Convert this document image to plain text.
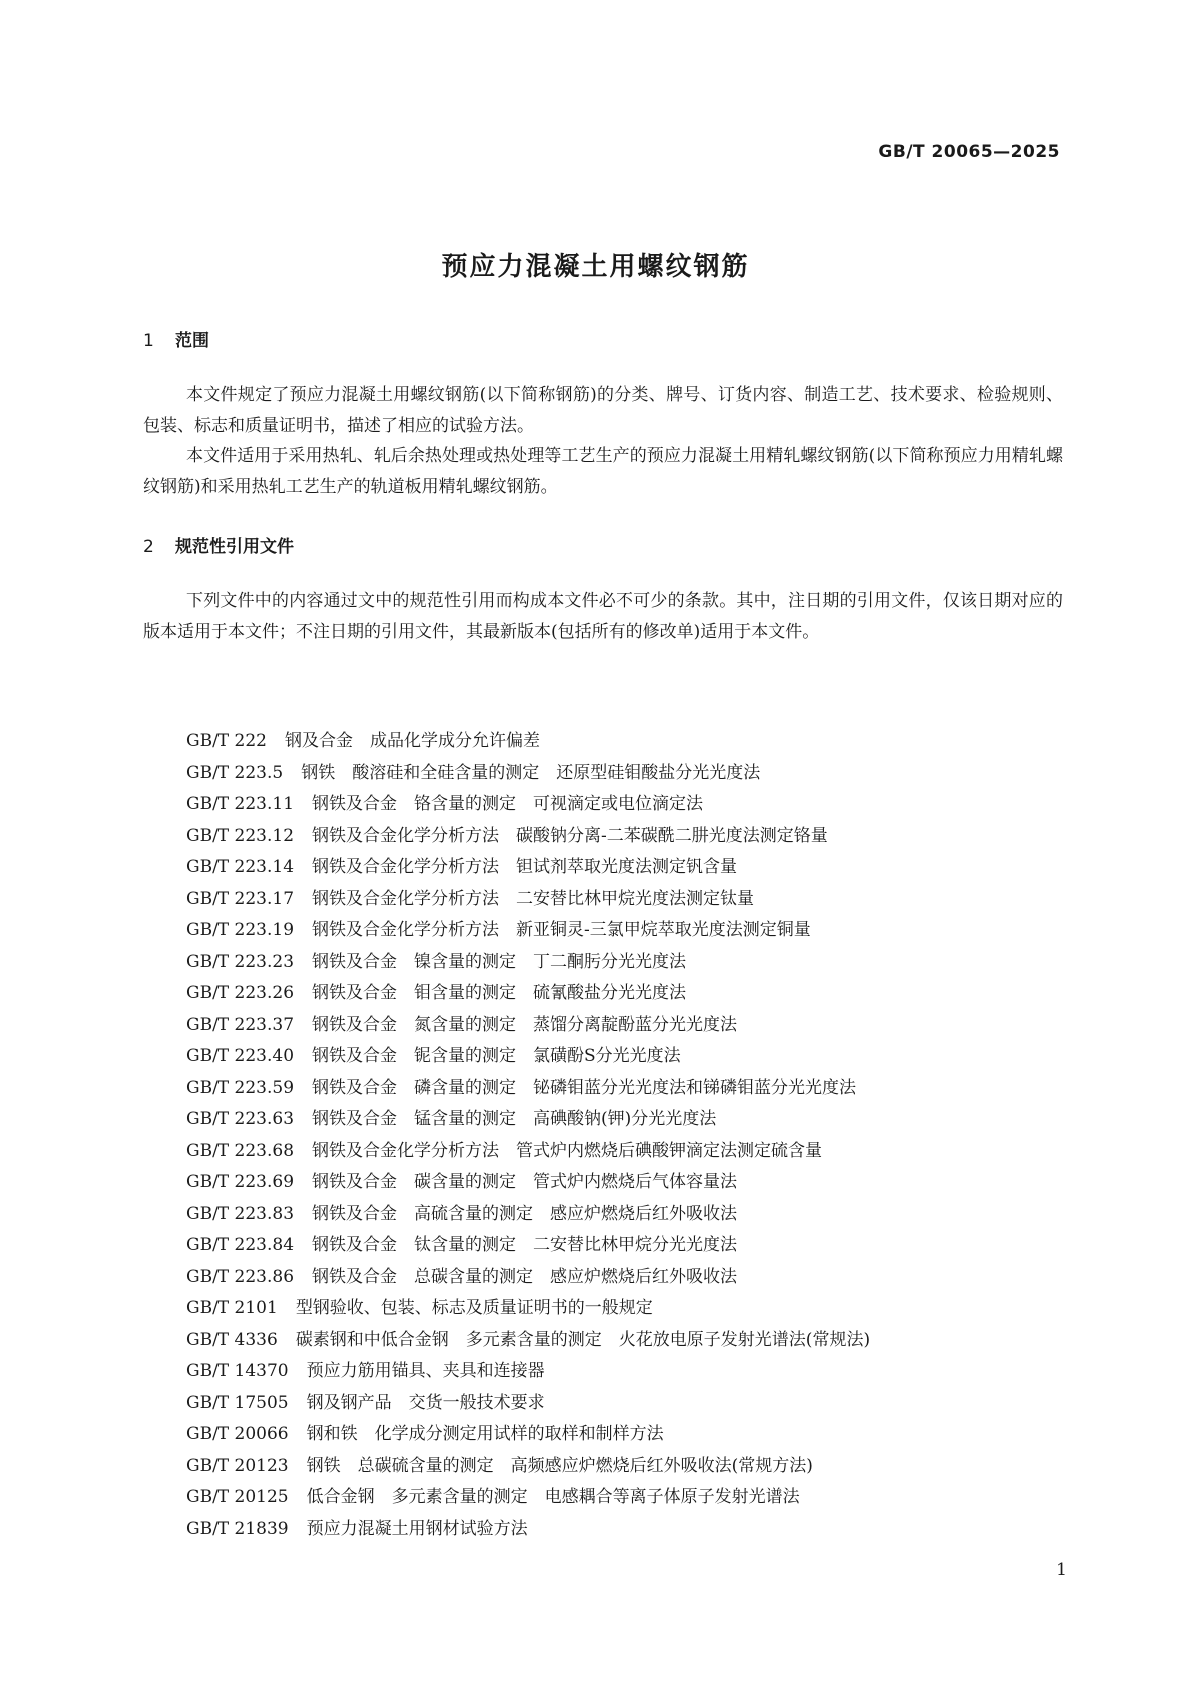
GB/T 20065—2025
预应力混凝土用螺纹钢筋
1 范围
本文件规定了预应力混凝土用螺纹钢筋(以下简称钢筋)的分类、牌号、订货内容、制造工艺、技术要求、检验规则、包装、标志和质量证明书，描述了相应的试验方法。
本文件适用于采用热轧、轧后余热处理或热处理等工艺生产的预应力混凝土用精轧螺纹钢筋(以下简称预应力用精轧螺纹钢筋)和采用热轧工艺生产的轨道板用精轧螺纹钢筋。
2 规范性引用文件
下列文件中的内容通过文中的规范性引用而构成本文件必不可少的条款。其中，注日期的引用文件，仅该日期对应的版本适用于本文件；不注日期的引用文件，其最新版本(包括所有的修改单)适用于本文件。
GB/T 222 钢及合金　成品化学成分允许偏差
GB/T 223.5 钢铁　酸溶硅和全硅含量的测定　还原型硅钼酸盐分光光度法
GB/T 223.11 钢铁及合金　铬含量的测定　可视滴定或电位滴定法
GB/T 223.12 钢铁及合金化学分析方法　碳酸钠分离-二苯碳酰二肼光度法测定铬量
GB/T 223.14 钢铁及合金化学分析方法　钽试剂萃取光度法测定钒含量
GB/T 223.17 钢铁及合金化学分析方法　二安替比林甲烷光度法测定钛量
GB/T 223.19 钢铁及合金化学分析方法　新亚铜灵-三氯甲烷萃取光度法测定铜量
GB/T 223.23 钢铁及合金　镍含量的测定　丁二酮肟分光光度法
GB/T 223.26 钢铁及合金　钼含量的测定　硫氰酸盐分光光度法
GB/T 223.37 钢铁及合金　氮含量的测定　蒸馏分离靛酚蓝分光光度法
GB/T 223.40 钢铁及合金　铌含量的测定　氯磺酚S分光光度法
GB/T 223.59 钢铁及合金　磷含量的测定　铋磷钼蓝分光光度法和锑磷钼蓝分光光度法
GB/T 223.63 钢铁及合金　锰含量的测定　高碘酸钠(钾)分光光度法
GB/T 223.68 钢铁及合金化学分析方法　管式炉内燃烧后碘酸钾滴定法测定硫含量
GB/T 223.69 钢铁及合金　碳含量的测定　管式炉内燃烧后气体容量法
GB/T 223.83 钢铁及合金　高硫含量的测定　感应炉燃烧后红外吸收法
GB/T 223.84 钢铁及合金　钛含量的测定　二安替比林甲烷分光光度法
GB/T 223.86 钢铁及合金　总碳含量的测定　感应炉燃烧后红外吸收法
GB/T 2101 型钢验收、包装、标志及质量证明书的一般规定
GB/T 4336 碳素钢和中低合金钢　多元素含量的测定　火花放电原子发射光谱法(常规法)
GB/T 14370 预应力筋用锚具、夹具和连接器
GB/T 17505 钢及钢产品　交货一般技术要求
GB/T 20066 钢和铁　化学成分测定用试样的取样和制样方法
GB/T 20123 钢铁　总碳硫含量的测定　高频感应炉燃烧后红外吸收法(常规方法)
GB/T 20125 低合金钢　多元素含量的测定　电感耦合等离子体原子发射光谱法
GB/T 21839 预应力混凝土用钢材试验方法
1
